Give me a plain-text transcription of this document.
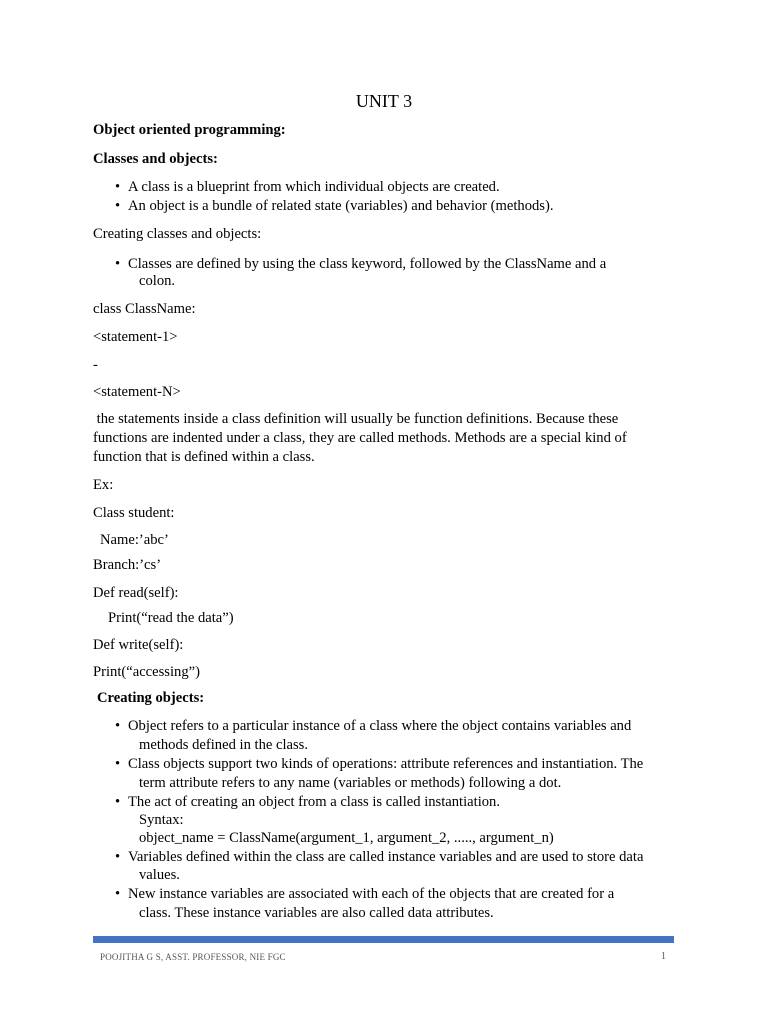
UNIT 3
Object oriented programming:
Classes and objects:
• A class is a blueprint from which individual objects are created.
• An object is a bundle of related state (variables) and behavior (methods).
Creating classes and objects:
• Classes are defined by using the class keyword, followed by the ClassName and a
colon.
class ClassName:
<statement-1>
-
<statement-N>
the statements inside a class definition will usually be function definitions. Because these
functions are indented under a class, they are called methods. Methods are a special kind of
function that is defined within a class.
Ex:
Class student:
Name:’abc’
Branch:’cs’
Def read(self):
Print(“read the data”)
Def write(self):
Print(“accessing”)
Creating objects:
• Object refers to a particular instance of a class where the object contains variables and
methods defined in the class.
• Class objects support two kinds of operations: attribute references and instantiation. The
term attribute refers to any name (variables or methods) following a dot.
• The act of creating an object from a class is called instantiation.
Syntax:
object_name = ClassName(argument_1, argument_2, ....., argument_n)
• Variables defined within the class are called instance variables and are used to store data
values.
• New instance variables are associated with each of the objects that are created for a
class. These instance variables are also called data attributes.
POOJITHA G S, ASST. PROFESSOR, NIE FGC	1
